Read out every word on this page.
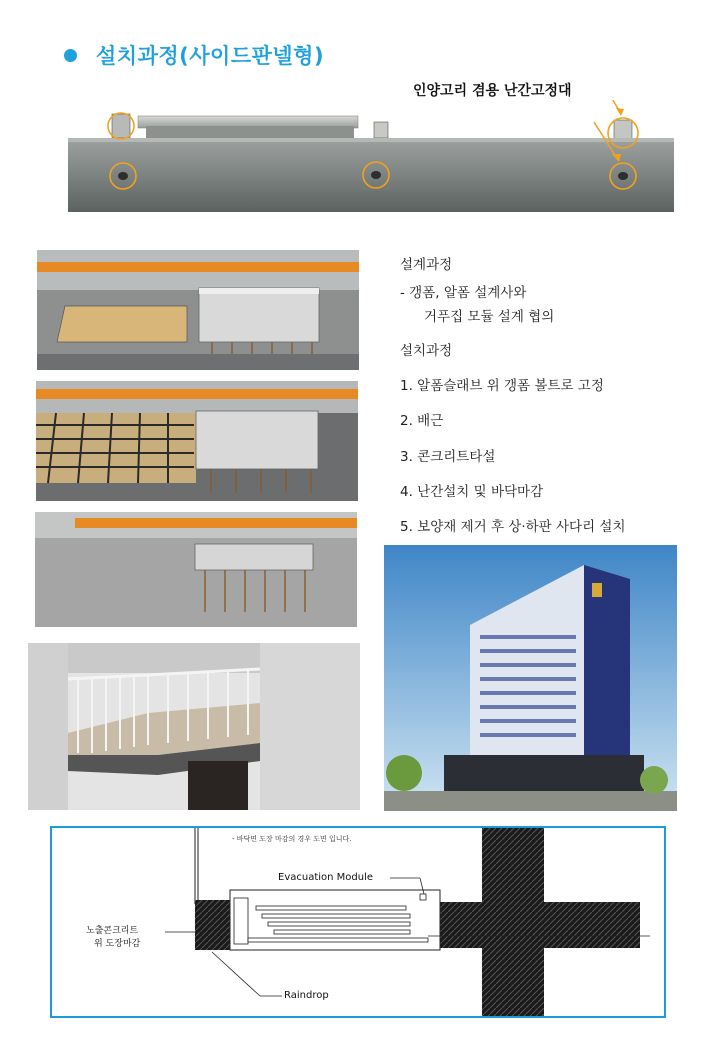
설치과정(사이드판넬형)
인양고리 겸용 난간고정대
설계과정
- 갱폼, 알폼 설계사와
거푸집 모듈 설계 협의
설치과정
1. 알폼슬래브 위 갱폼 볼트로 고정
2. 배근
3. 콘크리트타설
4. 난간설치 및 바닥마감
5. 보양재 제거 후 상·하판 사다리 설치
- 바닥면 도장 마감의 경우 도면 입니다.
Evacuation Module
노출콘크리트
위 도장마감
Raindrop
